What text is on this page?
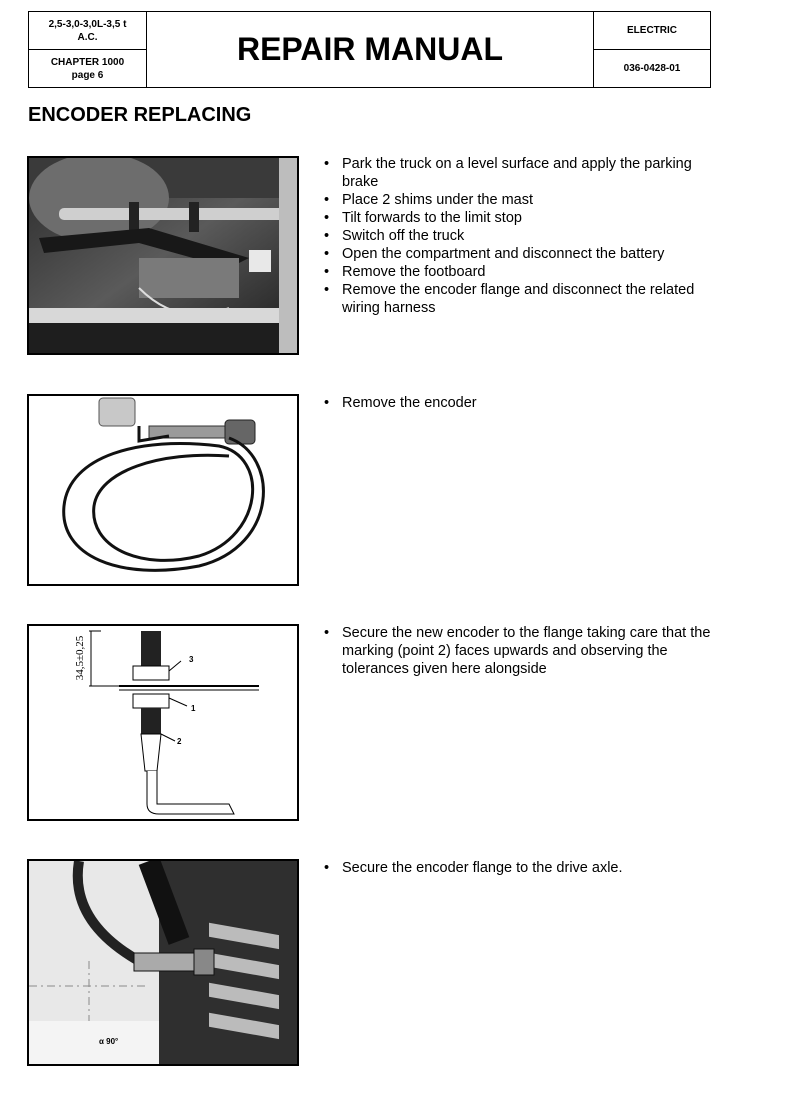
2,5-3,0-3,0L-3,5 t
A.C.
CHAPTER 1000
page 6
REPAIR MANUAL
ELECTRIC
036-0428-01
ENCODER REPLACING
• Park the truck on a level surface and apply the parking brake
• Place 2 shims under the mast
• Tilt forwards to the limit stop
• Switch off the truck
• Open the compartment and disconnect the battery
• Remove the footboard
• Remove the encoder flange and disconnect the related wiring harness
• Remove the encoder
34,5±0,25	3
1
2
• Secure the new encoder to the flange taking care that the marking (point 2) faces upwards and observing the tolerances given here alongside
α 90°
• Secure the encoder flange to the drive axle.
